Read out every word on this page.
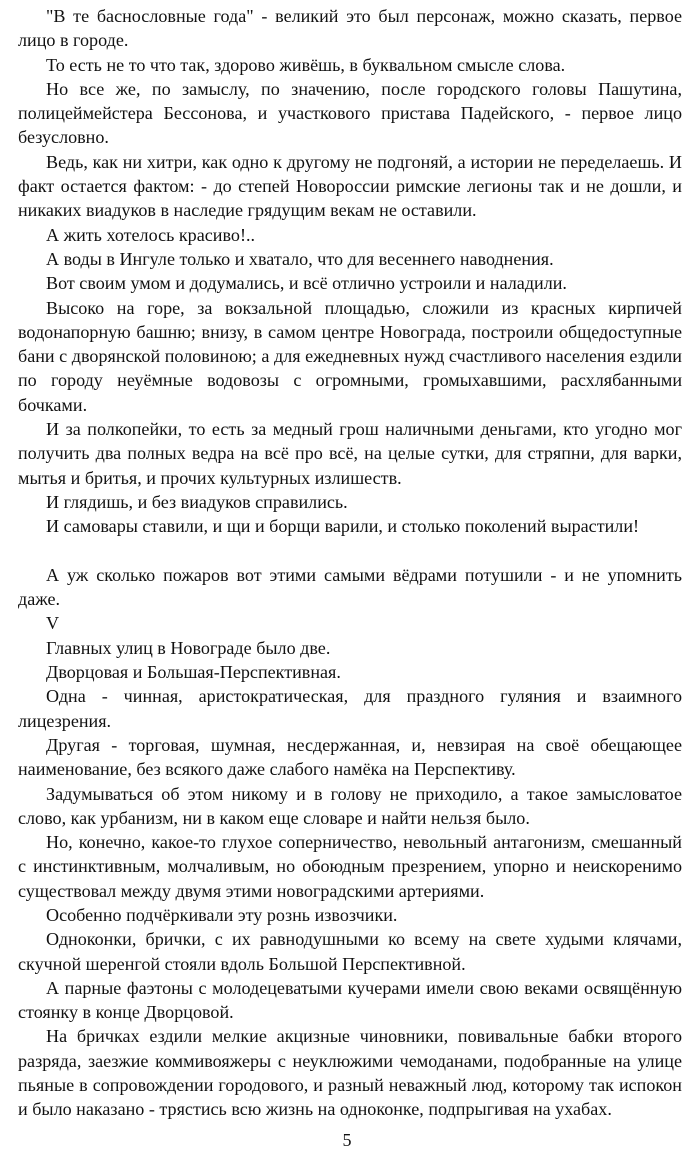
"В те баснословные года" - великий это был персонаж, можно сказать, первое лицо в городе.

То есть не то что так, здорово живёшь, в буквальном смысле слова.

Но все же, по замыслу, по значению, после городского головы Пашутина, полицеймейстера Бессонова, и участкового пристава Падейского, - первое лицо безусловно.

Ведь, как ни хитри, как одно к другому не подгоняй, а истории не переделаешь. И факт остается фактом: - до степей Новороссии римские легионы так и не дошли, и никаких виадуков в наследие грядущим векам не оставили.

А жить хотелось красиво!..

А воды в Ингуле только и хватало, что для весеннего наводнения.

Вот своим умом и додумались, и всё отлично устроили и наладили.

Высоко на горе, за вокзальной площадью, сложили из красных кирпичей водонапорную башню; внизу, в самом центре Новограда, построили общедоступные бани с дворянской половиною; а для ежедневных нужд счастливого населения ездили по городу неуёмные водовозы с огромными, громыхавшими, расхлябанными бочками.

И за полкопейки, то есть за медный грош наличными деньгами, кто угодно мог получить два полных ведра на всё про всё, на целые сутки, для стряпни, для варки, мытья и бритья, и прочих культурных излишеств.

И глядишь, и без виадуков справились.

И самовары ставили, и щи и борщи варили, и столько поколений вырастили!

А уж сколько пожаров вот этими самыми вёдрами потушили - и не упомнить даже.

V

Главных улиц в Новограде было две.

Дворцовая и Большая-Перспективная.

Одна - чинная, аристократическая, для праздного гуляния и взаимного лицезрения.

Другая - торговая, шумная, несдержанная, и, невзирая на своё обещающее наименование, без всякого даже слабого намёка на Перспективу.

Задумываться об этом никому и в голову не приходило, а такое замысловатое слово, как урбанизм, ни в каком еще словаре и найти нельзя было.

Но, конечно, какое-то глухое соперничество, невольный антагонизм, смешанный с инстинктивным, молчаливым, но обоюдным презрением, упорно и неискоренимо существовал между двумя этими новоградскими артериями.

Особенно подчёркивали эту рознь извозчики.

Одноконки, брички, с их равнодушными ко всему на свете худыми клячами, скучной шеренгой стояли вдоль Большой Перспективной.

А парные фаэтоны с молодецеватыми кучерами имели свою веками освящённую стоянку в конце Дворцовой.

На бричках ездили мелкие акцизные чиновники, повивальные бабки второго разряда, заезжие коммивояжеры с неуклюжими чемоданами, подобранные на улице пьяные в сопровождении городового, и разный неважный люд, которому так испокон и было наказано - трястись всю жизнь на одноконке, подпрыгивая на ухабах.

5
